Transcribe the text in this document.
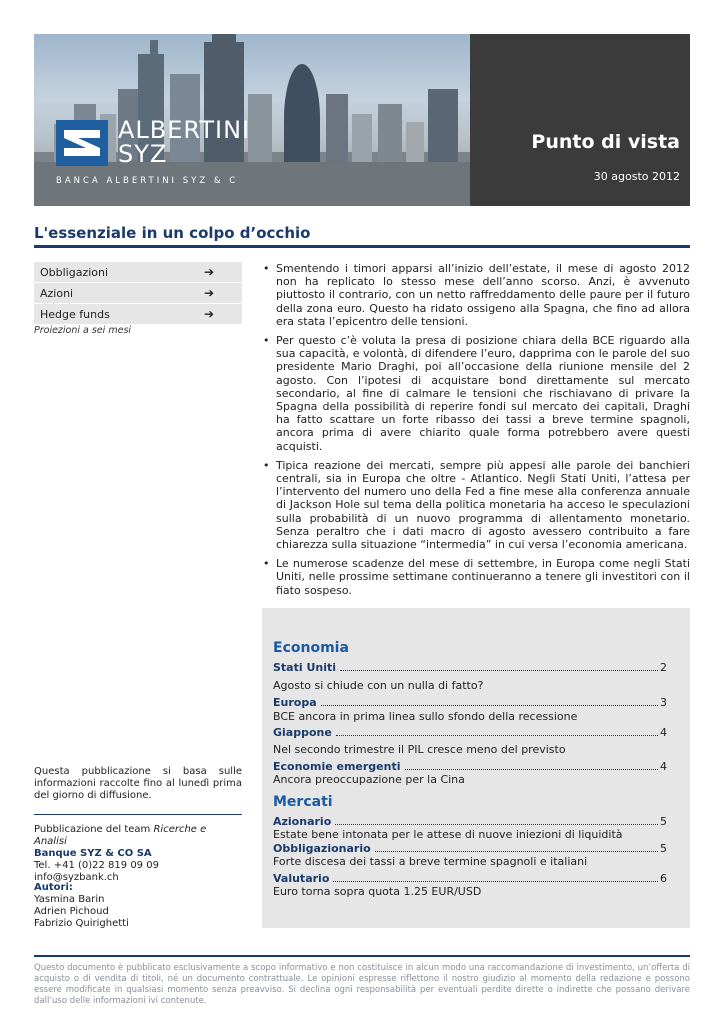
ALBERTINI
SYZ
BANCA ALBERTINI SYZ & C
Punto di vista
30 agosto 2012
L'essenziale in un colpo d’occhio
Obbligazioni	➔
Azioni	➔
Hedge funds	➔
Proiezioni a sei mesi
• Smentendo i timori apparsi all’inizio dell’estate, il mese di agosto 2012 non ha replicato lo stesso mese dell’anno scorso. Anzi, è avvenuto piuttosto il contrario, con un netto raffreddamento delle paure per il futuro della zona euro. Questo ha ridato ossigeno alla Spagna, che fino ad allora era stata l’epicentro delle tensioni.
• Per questo c’è voluta la presa di posizione chiara della BCE riguardo alla sua capacità, e volontà, di difendere l’euro, dapprima con le parole del suo presidente Mario Draghi, poi all’occasione della riunione mensile del 2 agosto. Con l’ipotesi di acquistare bond direttamente sul mercato secondario, al fine di calmare le tensioni che rischiavano di privare la Spagna della possibilità di reperire fondi sul mercato dei capitali, Draghi ha fatto scattare un forte ribasso dei tassi a breve termine spagnoli, ancora prima di avere chiarito quale forma potrebbero avere questi acquisti.
• Tipica reazione dei mercati, sempre più appesi alle parole dei banchieri centrali, sia in Europa che oltre - Atlantico. Negli Stati Uniti, l’attesa per l’intervento del numero uno della Fed a fine mese alla conferenza annuale di Jackson Hole sul tema della politica monetaria ha acceso le speculazioni sulla probabilità di un nuovo programma di allentamento monetario. Senza peraltro che i dati macro di agosto avessero contribuito a fare chiarezza sulla situazione “intermedia” in cui versa l’economia americana.
• Le numerose scadenze del mese di settembre, in Europa come negli Stati Uniti, nelle prossime settimane continueranno a tenere gli investitori con il fiato sospeso.
Questa pubblicazione si basa sulle informazioni raccolte fino al lunedì prima del giorno di diffusione.
Pubblicazione del team Ricerche e Analisi
Banque SYZ & CO SA
Tel. +41 (0)22 819 09 09
info@syzbank.ch
Autori:
Yasmina Barin
Adrien Pichoud
Fabrizio Quirighetti
Economia
Stati Uniti	2
Agosto si chiude con un nulla di fatto?
Europa	3
BCE ancora in prima linea sullo sfondo della recessione
Giappone	4
Nel secondo trimestre il PIL cresce meno del previsto
Economie emergenti	4
Ancora preoccupazione per la Cina
Mercati
Azionario	5
Estate bene intonata per le attese di nuove iniezioni di liquidità
Obbligazionario	5
Forte discesa dei tassi a breve termine spagnoli e italiani
Valutario	6
Euro torna sopra quota 1.25 EUR/USD
Questo documento è pubblicato esclusivamente a scopo informativo e non costituisce in alcun modo una raccomandazione di investimento, un’offerta di acquisto o di vendita di titoli, né un documento contrattuale. Le opinioni espresse riflettono il nostro giudizio al momento della redazione e possono essere modificate in qualsiasi momento senza preavviso. Si declina ogni responsabilità per eventuali perdite dirette o indirette che possano derivare dall’uso delle informazioni ivi contenute.
